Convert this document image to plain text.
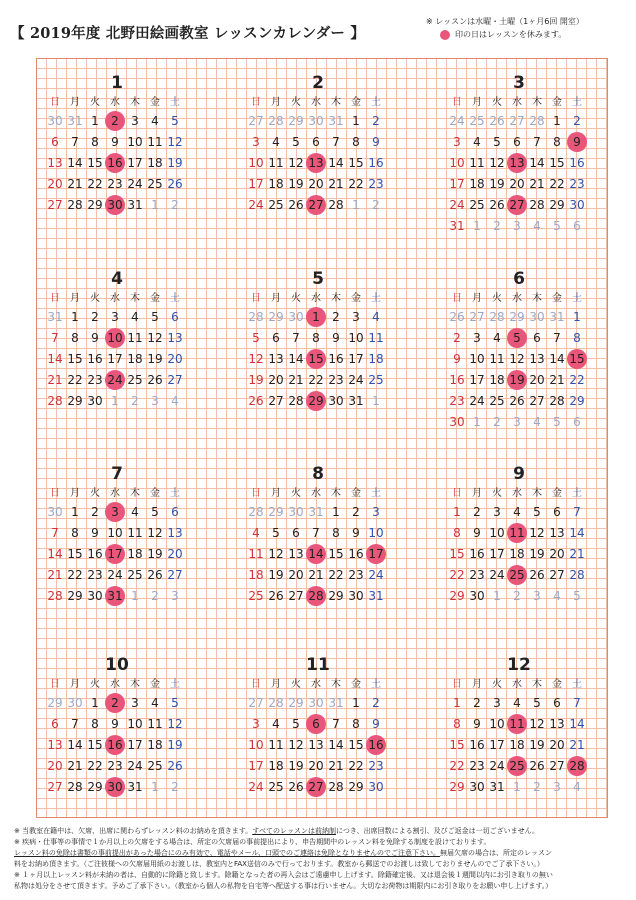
【 2019年度 北野田絵画教室 レッスンカレンダー 】
※ レッスンは水曜・土曜（1ヶ月6回 開室）
印の日はレッスンを休みます。
1
日	月	火	水	木	金	土
30 31 1	2	3	4	5
6	7	8	9 10 11 12
13 14 15 16 17 18 19
20 21 22 23 24 25 26
27 28 29 30 31 1	2
2
日	月	火	水	木	金	土
27 28 29 30 31 1	2
3	4	5	6	7	8	9
10 11 12 13 14 15 16
17 18 19 20 21 22 23
24 25 26 27 28 1	2
3
日	月	火	水	木	金	土
24 25 26 27 28 1	2
3	4	5	6	7	8	9
10 11 12 13 14 15 16
17 18 19 20 21 22 23
24 25 26 27 28 29 30
31 1	2	3	4	5	6
4
日	月	火	水	木	金	土
31 1	2	3	4	5	6
7	8	9 10 11 12 13
14 15 16 17 18 19 20
21 22 23 24 25 26 27
28 29 30 1	2	3	4
5
日	月	火	水	木	金	土
28 29 30 1	2	3	4
5	6	7	8	9 10 11
12 13 14 15 16 17 18
19 20 21 22 23 24 25
26 27 28 29 30 31 1
6
日	月	火	水	木	金	土
26 27 28 29 30 31 1
2	3	4	5	6	7	8
9 10 11 12 13 14 15
16 17 18 19 20 21 22
23 24 25 26 27 28 29
30 1	2	3	4	5	6
7
日	月	火	水	木	金	土
30 1	2	3	4	5	6
7	8	9 10 11 12 13
14 15 16 17 18 19 20
21 22 23 24 25 26 27
28 29 30 31 1	2	3
8
日	月	火	水	木	金	土
28 29 30 31 1	2	3
4	5	6	7	8	9 10
11 12 13 14 15 16 17
18 19 20 21 22 23 24
25 26 27 28 29 30 31
9
日	月	火	水	木	金	土
1	2	3	4	5	6	7
8	9 10 11 12 13 14
15 16 17 18 19 20 21
22 23 24 25 26 27 28
29 30 1	2	3	4	5
10
日	月	火	水	木	金	土
29 30 1	2	3	4	5
6	7	8	9 10 11 12
13 14 15 16 17 18 19
20 21 22 23 24 25 26
27 28 29 30 31 1	2
11
日	月	火	水	木	金	土
27 28 29 30 31 1	2
3	4	5	6	7	8	9
10 11 12 13 14 15 16
17 18 19 20 21 22 23
24 25 26 27 28 29 30
12
日	月	火	水	木	金	土
1	2	3	4	5	6	7
8	9 10 11 12 13 14
15 16 17 18 19 20 21
22 23 24 25 26 27 28
29 30 31 1	2	3	4

※ 当教室在籍中は、欠席、出席に関わらずレッスン料のお納めを頂きます。すべてのレッスンは前納制につき、出席回数による割引、及びご返金は一切ございません。

※ 疾病・仕事等の事情で１か月以上の欠席をする場合は、所定の欠席届の事前提出により、申告期間中のレッスン料を免除する制度を設けております。

レッスン料の免除は書類の事前提出があった場合にのみ有効で、電話やメール、口頭でのご連絡は免除となりませんのでご注意下さい。無届欠席の場合は、所定のレッスン

料をお納め頂きます。（ご注彼様への欠席届用紙のお渡しは、教室内とFAX送信のみで行っております。教室から郵送でのお渡しは致しておりませんのでご了承下さい。）

※ １ヶ月以上レッスン料が未納の者は、自動的に除籍と致します。除籍となった者の再入会はご遠慮申し上げます。除籍確定後、又は退会後１週間以内にお引き取りの無い

私物は処分をさせて頂きます。予めご了承下さい。（教室から個人の私物を自宅等へ配送する事は行いません。大切なお荷物は期限内にお引き取りをお願い申し上げます。）
